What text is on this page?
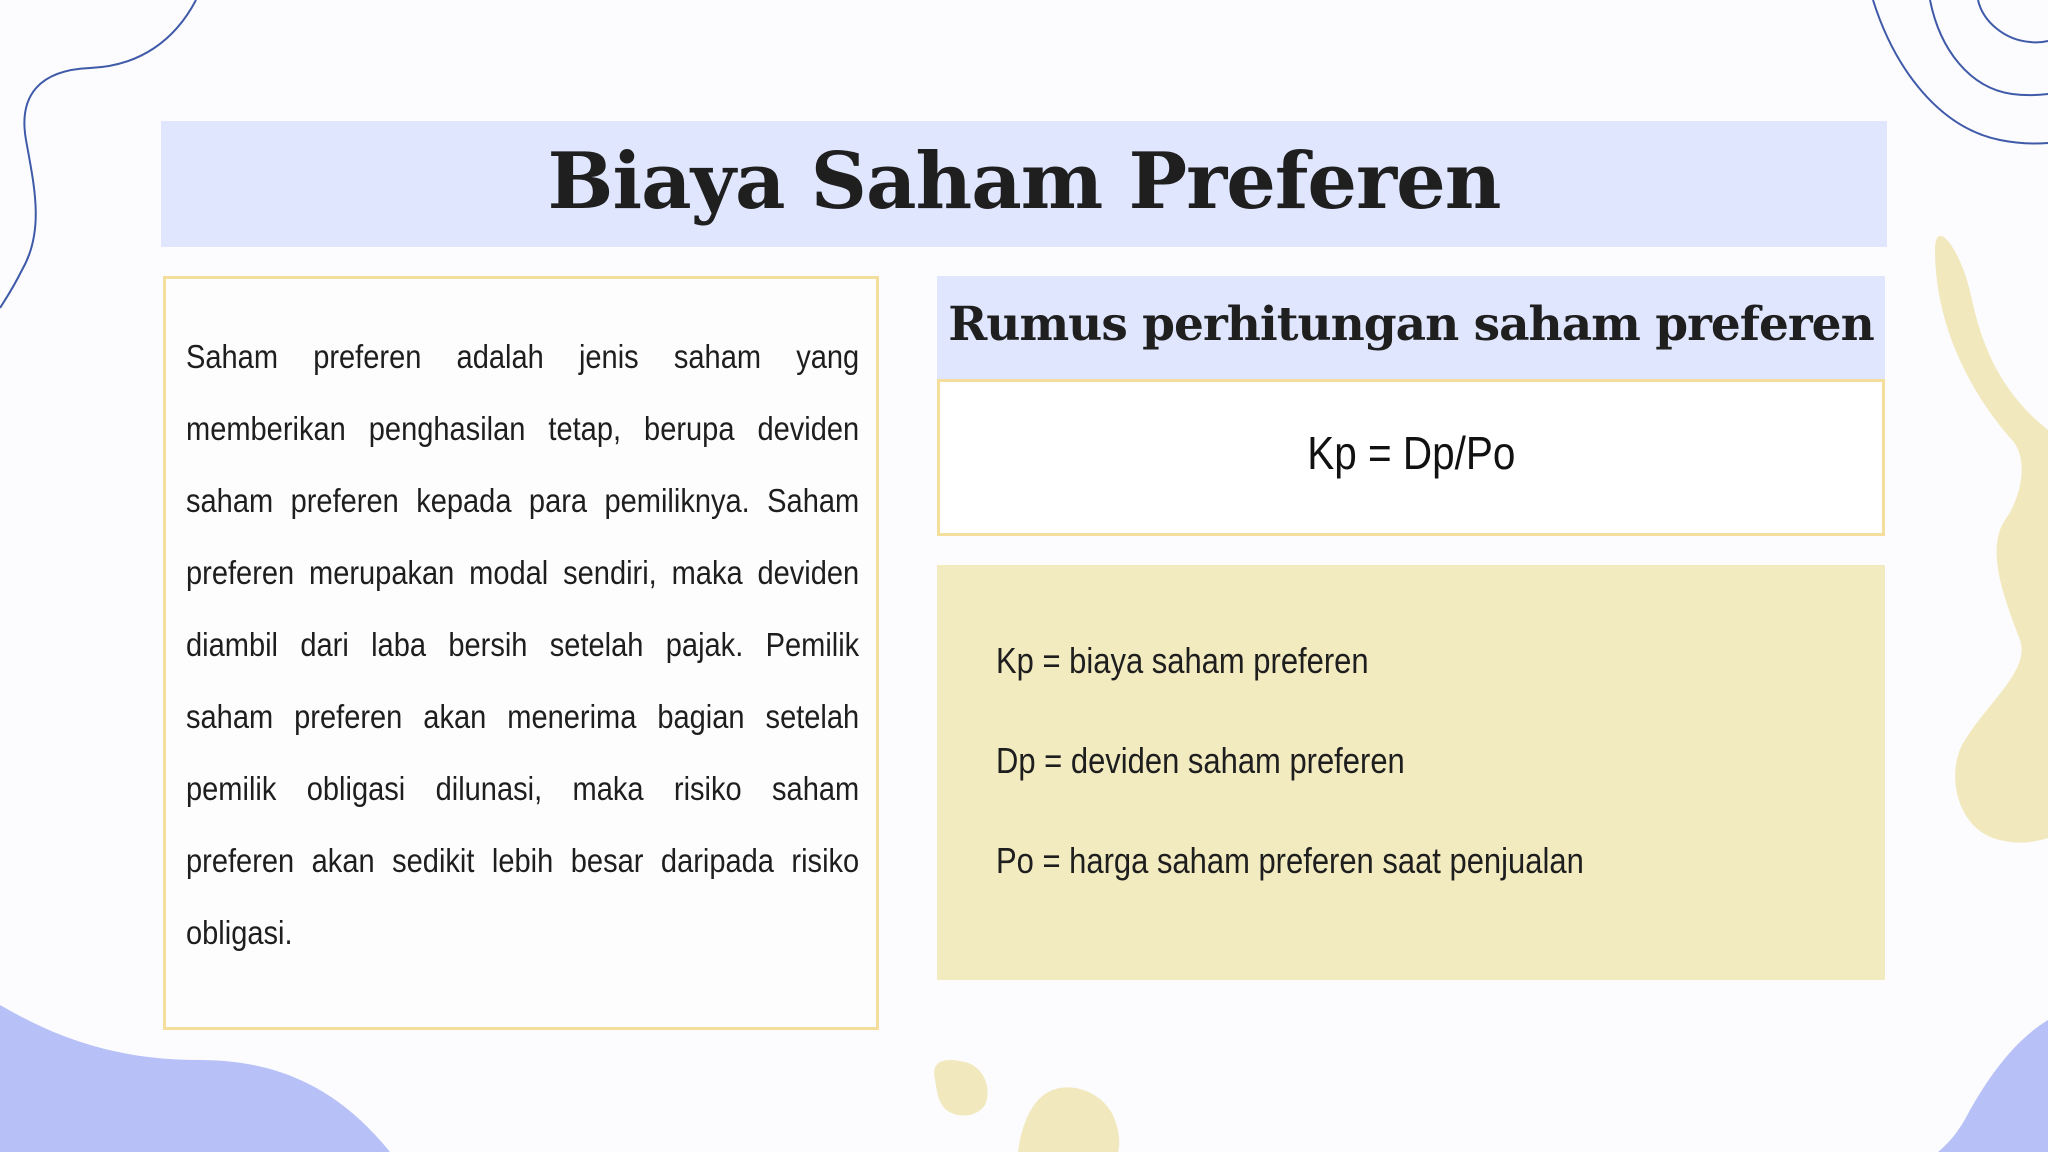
Biaya Saham Preferen

Saham preferen adalah jenis saham yang memberikan penghasilan tetap, berupa deviden saham preferen kepada para pemiliknya. Saham preferen merupakan modal sendiri, maka deviden diambil dari laba bersih setelah pajak. Pemilik saham preferen akan menerima bagian setelah pemilik obligasi dilunasi, maka risiko saham preferen akan sedikit lebih besar daripada risiko obligasi.

Rumus perhitungan saham preferen
Kp = Dp/Po
Kp = biaya saham preferen
Dp = deviden saham preferen
Po = harga saham preferen saat penjualan
